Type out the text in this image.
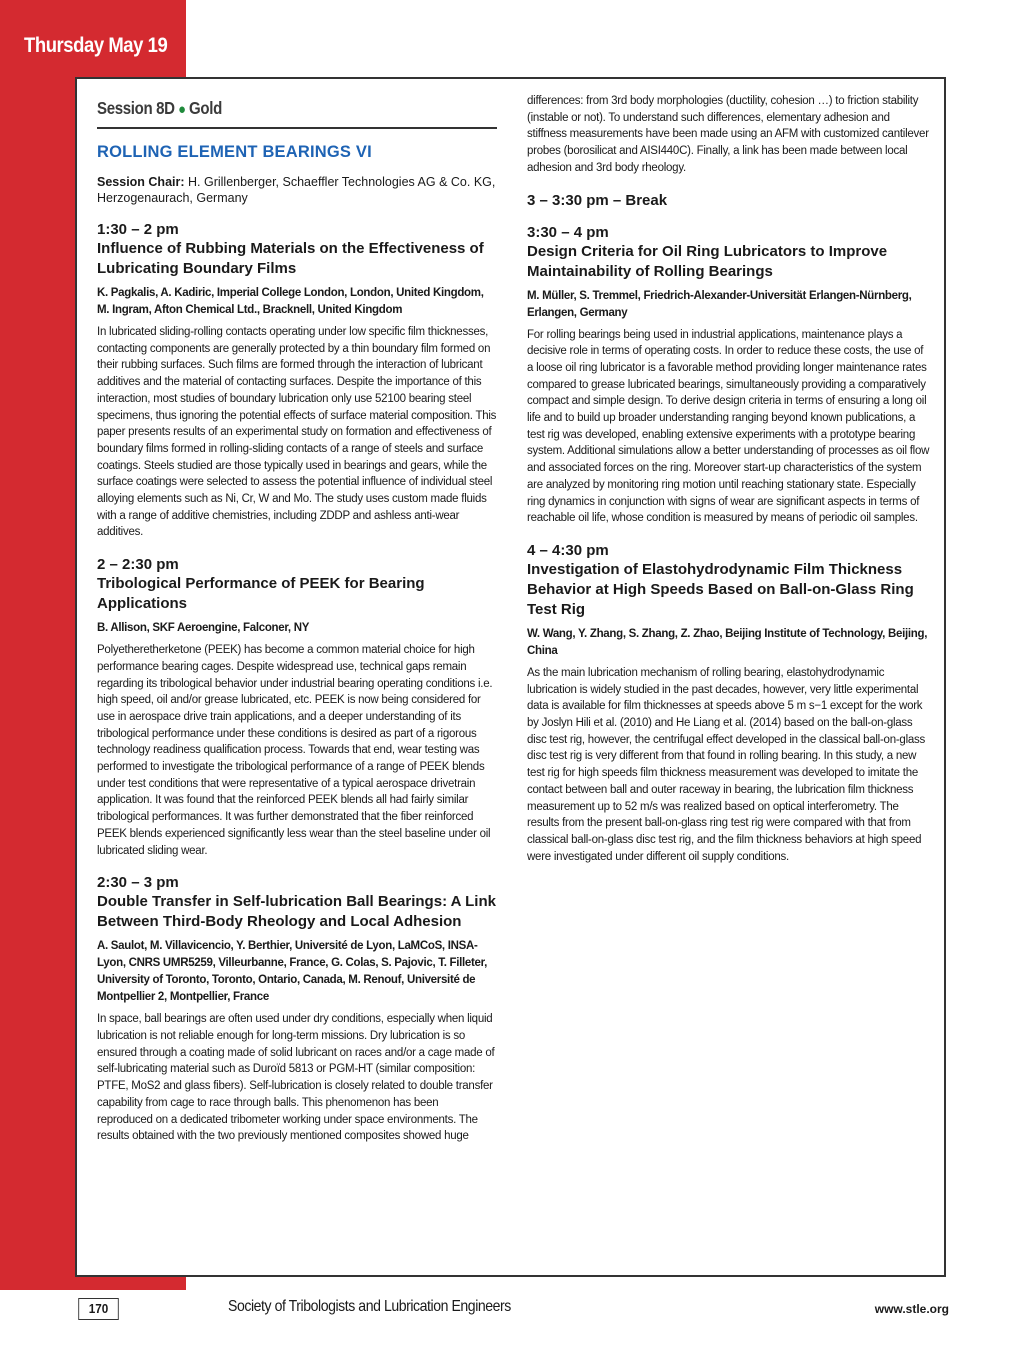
Thursday May 19
Session 8D ● Gold
ROLLING ELEMENT BEARINGS VI
Session Chair: H. Grillenberger, Schaeffler Technologies AG & Co. KG, Herzogenaurach, Germany
1:30 – 2 pm
Influence of Rubbing Materials on the Effectiveness of Lubricating Boundary Films
K. Pagkalis, A. Kadiric, Imperial College London, London, United Kingdom, M. Ingram, Afton Chemical Ltd., Bracknell, United Kingdom
In lubricated sliding-rolling contacts operating under low specific film thicknesses, contacting components are generally protected by a thin boundary film formed on their rubbing surfaces. Such films are formed through the interaction of lubricant additives and the material of contacting surfaces. Despite the importance of this interaction, most studies of boundary lubrication only use 52100 bearing steel specimens, thus ignoring the potential effects of surface material composition. This paper presents results of an experimental study on formation and effectiveness of boundary films formed in rolling-sliding contacts of a range of steels and surface coatings. Steels studied are those typically used in bearings and gears, while the surface coatings were selected to assess the potential influence of individual steel alloying elements such as Ni, Cr, W and Mo. The study uses custom made fluids with a range of additive chemistries, including ZDDP and ashless anti-wear additives.
2 – 2:30 pm
Tribological Performance of PEEK for Bearing Applications
B. Allison, SKF Aeroengine, Falconer, NY
Polyetheretherketone (PEEK) has become a common material choice for high performance bearing cages. Despite widespread use, technical gaps remain regarding its tribological behavior under industrial bearing operating conditions i.e. high speed, oil and/or grease lubricated, etc. PEEK is now being considered for use in aerospace drive train applications, and a deeper understanding of its tribological performance under these conditions is desired as part of a rigorous technology readiness qualification process. Towards that end, wear testing was performed to investigate the tribological performance of a range of PEEK blends under test conditions that were representative of a typical aerospace drivetrain application. It was found that the reinforced PEEK blends all had fairly similar tribological performances. It was further demonstrated that the fiber reinforced PEEK blends experienced significantly less wear than the steel baseline under oil lubricated sliding wear.
2:30 – 3 pm
Double Transfer in Self-lubrication Ball Bearings: A Link Between Third-Body Rheology and Local Adhesion
A. Saulot, M. Villavicencio, Y. Berthier, Université de Lyon, LaMCoS, INSA-Lyon, CNRS UMR5259, Villeurbanne, France, G. Colas, S. Pajovic, T. Filleter, University of Toronto, Toronto, Ontario, Canada, M. Renouf, Université de Montpellier 2, Montpellier, France
In space, ball bearings are often used under dry conditions, especially when liquid lubrication is not reliable enough for long-term missions. Dry lubrication is so ensured through a coating made of solid lubricant on races and/or a cage made of self-lubricating material such as Duroïd 5813 or PGM-HT (similar composition: PTFE, MoS2 and glass fibers). Self-lubrication is closely related to double transfer capability from cage to race through balls. This phenomenon has been reproduced on a dedicated tribometer working under space environments. The results obtained with the two previously mentioned composites showed huge
differences: from 3rd body morphologies (ductility, cohesion …) to friction stability (instable or not). To understand such differences, elementary adhesion and stiffness measurements have been made using an AFM with customized cantilever probes (borosilicat and AISI440C). Finally, a link has been made between local adhesion and 3rd body rheology.
3 – 3:30 pm – Break
3:30 – 4 pm
Design Criteria for Oil Ring Lubricators to Improve Maintainability of Rolling Bearings
M. Müller, S. Tremmel, Friedrich-Alexander-Universität Erlangen-Nürnberg, Erlangen, Germany
For rolling bearings being used in industrial applications, maintenance plays a decisive role in terms of operating costs. In order to reduce these costs, the use of a loose oil ring lubricator is a favorable method providing longer maintenance rates compared to grease lubricated bearings, simultaneously providing a comparatively compact and simple design. To derive design criteria in terms of ensuring a long oil life and to build up broader understanding ranging beyond known publications, a test rig was developed, enabling extensive experiments with a prototype bearing system. Additional simulations allow a better understanding of processes as oil flow and associated forces on the ring. Moreover start-up characteristics of the system are analyzed by monitoring ring motion until reaching stationary state. Especially ring dynamics in conjunction with signs of wear are significant aspects in terms of reachable oil life, whose condition is measured by means of periodic oil samples.
4 – 4:30 pm
Investigation of Elastohydrodynamic Film Thickness Behavior at High Speeds Based on Ball-on-Glass Ring Test Rig
W. Wang, Y. Zhang, S. Zhang, Z. Zhao, Beijing Institute of Technology, Beijing, China
As the main lubrication mechanism of rolling bearing, elastohydrodynamic lubrication is widely studied in the past decades, however, very little experimental data is available for film thicknesses at speeds above 5 m s−1 except for the work by Joslyn Hili et al. (2010) and He Liang et al. (2014) based on the ball-on-glass disc test rig, however, the centrifugal effect developed in the classical ball-on-glass disc test rig is very different from that found in rolling bearing. In this study, a new test rig for high speeds film thickness measurement was developed to imitate the contact between ball and outer raceway in bearing, the lubrication film thickness measurement up to 52 m/s was realized based on optical interferometry. The results from the present ball-on-glass ring test rig were compared with that from classical ball-on-glass disc test rig, and the film thickness behaviors at high speed were investigated under different oil supply conditions.
170	Society of Tribologists and Lubrication Engineers	www.stle.org
